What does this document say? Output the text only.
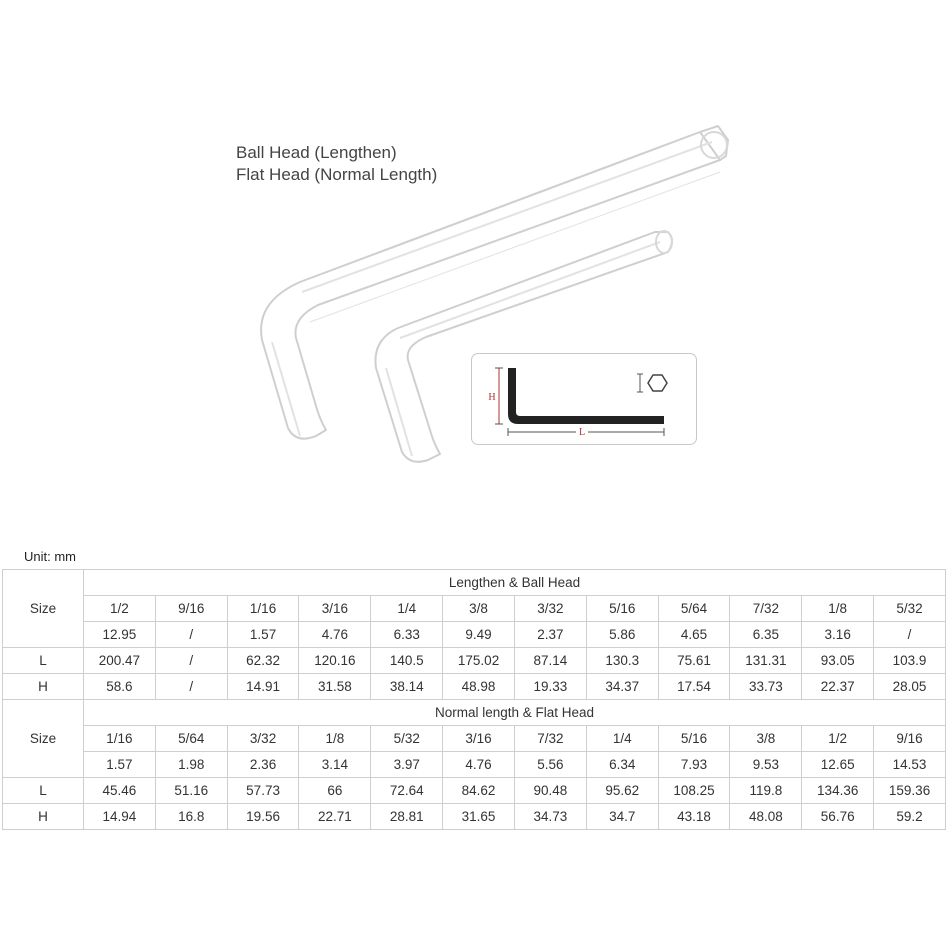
Ball Head (Lengthen)
Flat Head (Normal Length)
H
L
Unit: mm
Size	Lengthen & Ball Head											
	1/2	9/16	1/16	3/16	1/4	3/8	3/32	5/16	5/64	7/32	1/8	5/32
	12.95	/	1.57	4.76	6.33	9.49	2.37	5.86	4.65	6.35	3.16	/
L	200.47	/	62.32	120.16	140.5	175.02	87.14	130.3	75.61	131.31	93.05	103.9
H	58.6	/	14.91	31.58	38.14	48.98	19.33	34.37	17.54	33.73	22.37	28.05
Size	Normal length & Flat Head											
	1/16	5/64	3/32	1/8	5/32	3/16	7/32	1/4	5/16	3/8	1/2	9/16
	1.57	1.98	2.36	3.14	3.97	4.76	5.56	6.34	7.93	9.53	12.65	14.53
L	45.46	51.16	57.73	66	72.64	84.62	90.48	95.62	108.25	119.8	134.36	159.36
H	14.94	16.8	19.56	22.71	28.81	31.65	34.73	34.7	43.18	48.08	56.76	59.2
